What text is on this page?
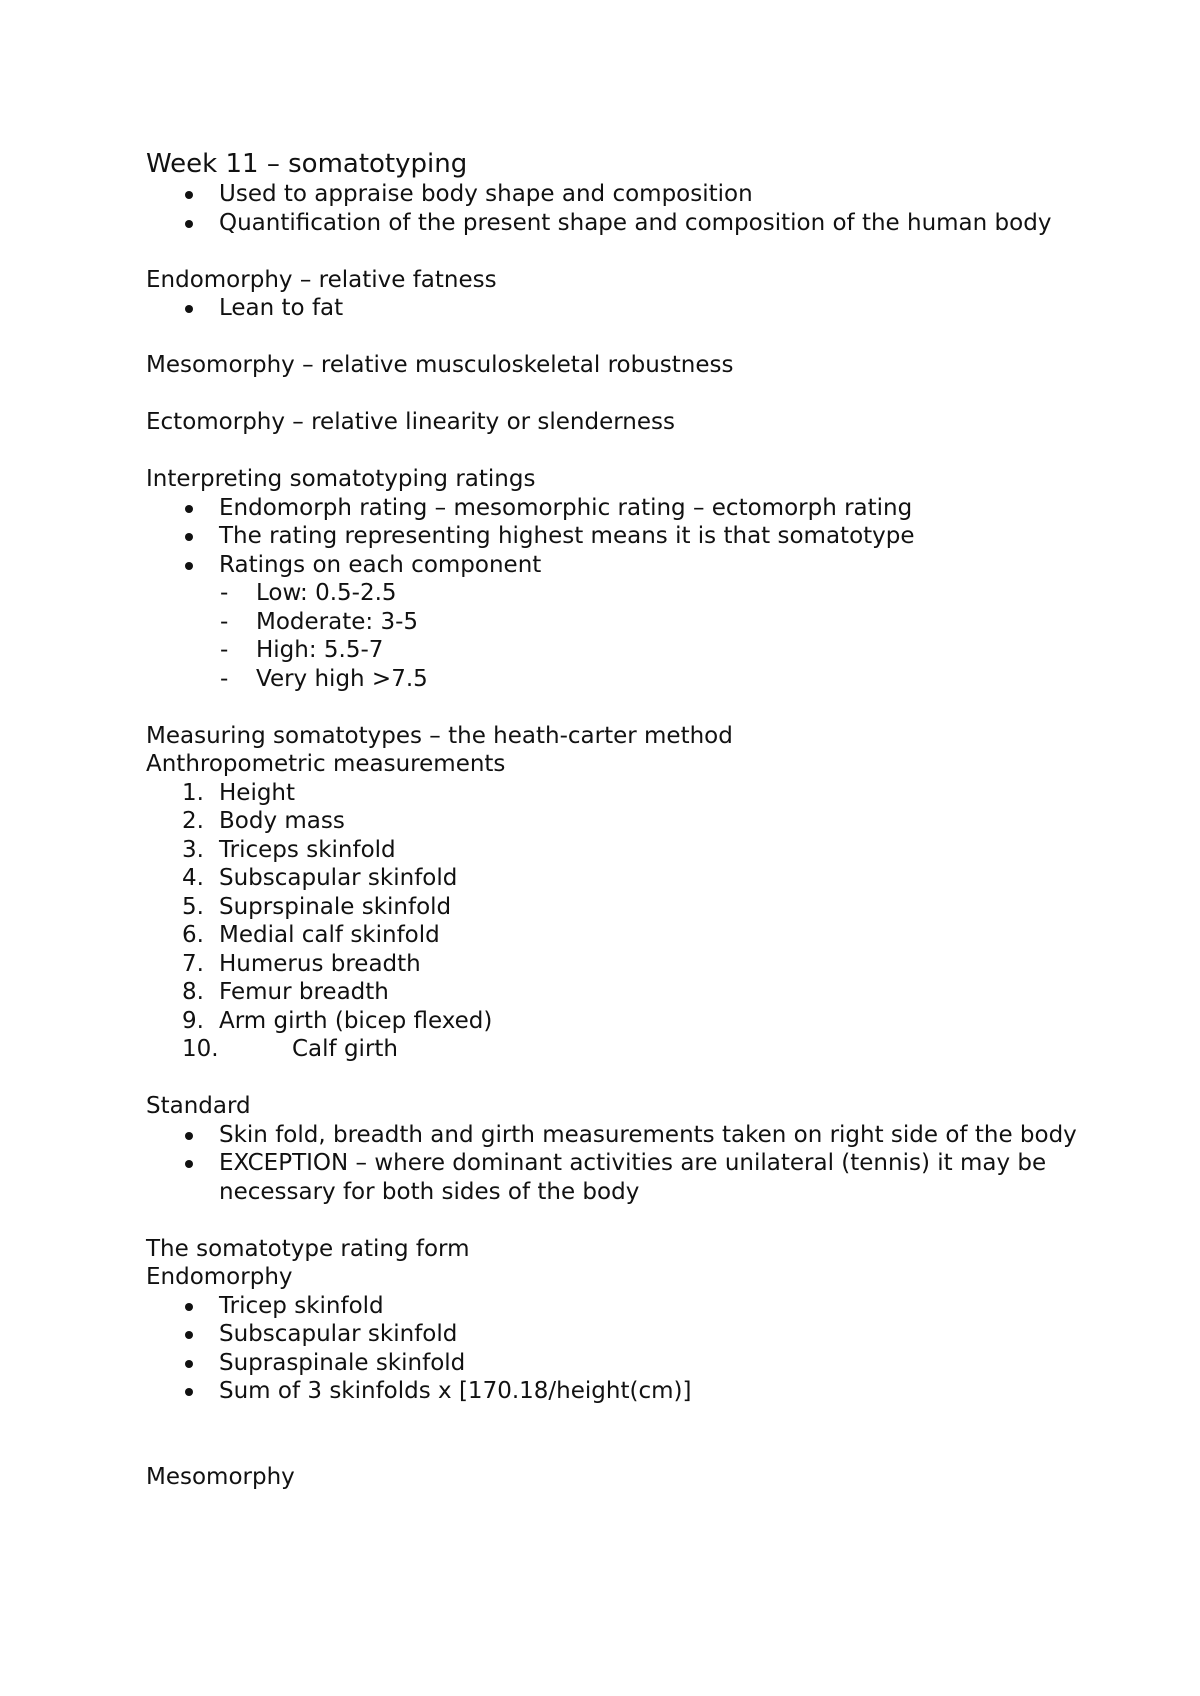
Week 11 – somatotyping

Used to appraise body shape and composition
Quantification of the present shape and composition of the human body

Endomorphy – relative fatness

Lean to fat

Mesomorphy – relative musculoskeletal robustness

Ectomorphy – relative linearity or slenderness

Interpreting somatotyping ratings

Endomorph rating – mesomorphic rating – ectomorph rating
The rating representing highest means it is that somatotype
Ratings on each component
- Low: 0.5-2.5
- Moderate: 3-5
- High: 5.5-7
- Very high >7.5

Measuring somatotypes – the heath-carter method

Anthropometric measurements

1. Height
2. Body mass
3. Triceps skinfold
4. Subscapular skinfold
5. Suprspinale skinfold
6. Medial calf skinfold
7. Humerus breadth
8. Femur breadth
9. Arm girth (bicep flexed)
10.	Calf girth

Standard

Skin fold, breadth and girth measurements taken on right side of the body
EXCEPTION – where dominant activities are unilateral (tennis) it may be necessary for both sides of the body

The somatotype rating form

Endomorphy

Tricep skinfold
Subscapular skinfold
Supraspinale skinfold
Sum of 3 skinfolds x [170.18/height(cm)]

Mesomorphy
